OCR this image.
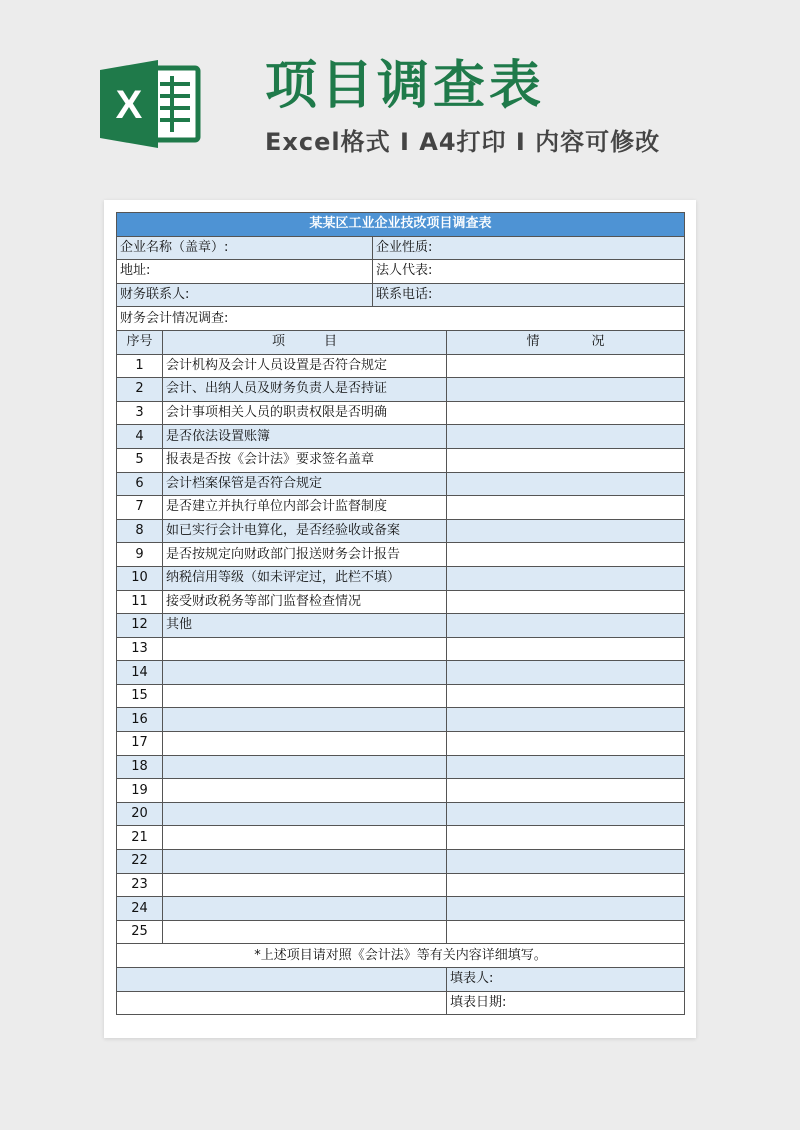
X 项目调查表
Excel格式 I A4打印 I 内容可修改
某某区工业企业技改项目调查表			
企业名称（盖章）:		企业性质:	
地址:		法人代表:	
财务联系人:		联系电话:	
财务会计情况调查:			
序号	项　　　目		情　　　　况
1	会计机构及会计人员设置是否符合规定		
2	会计、出纳人员及财务负责人是否持证		
3	会计事项相关人员的职责权限是否明确		
4	是否依法设置账簿		
5	报表是否按《会计法》要求签名盖章		
6	会计档案保管是否符合规定		
7	是否建立并执行单位内部会计监督制度		
8	如已实行会计电算化，是否经验收或备案		
9	是否按规定向财政部门报送财务会计报告		
10	纳税信用等级（如未评定过，此栏不填）		
11	接受财政税务等部门监督检查情况		
12	其他		
13			
14			
15			
16			
17			
18			
19			
20			
21			
22			
23			
24			
25			
*上述项目请对照《会计法》等有关内容详细填写。			
			填表人:
			填表日期:
